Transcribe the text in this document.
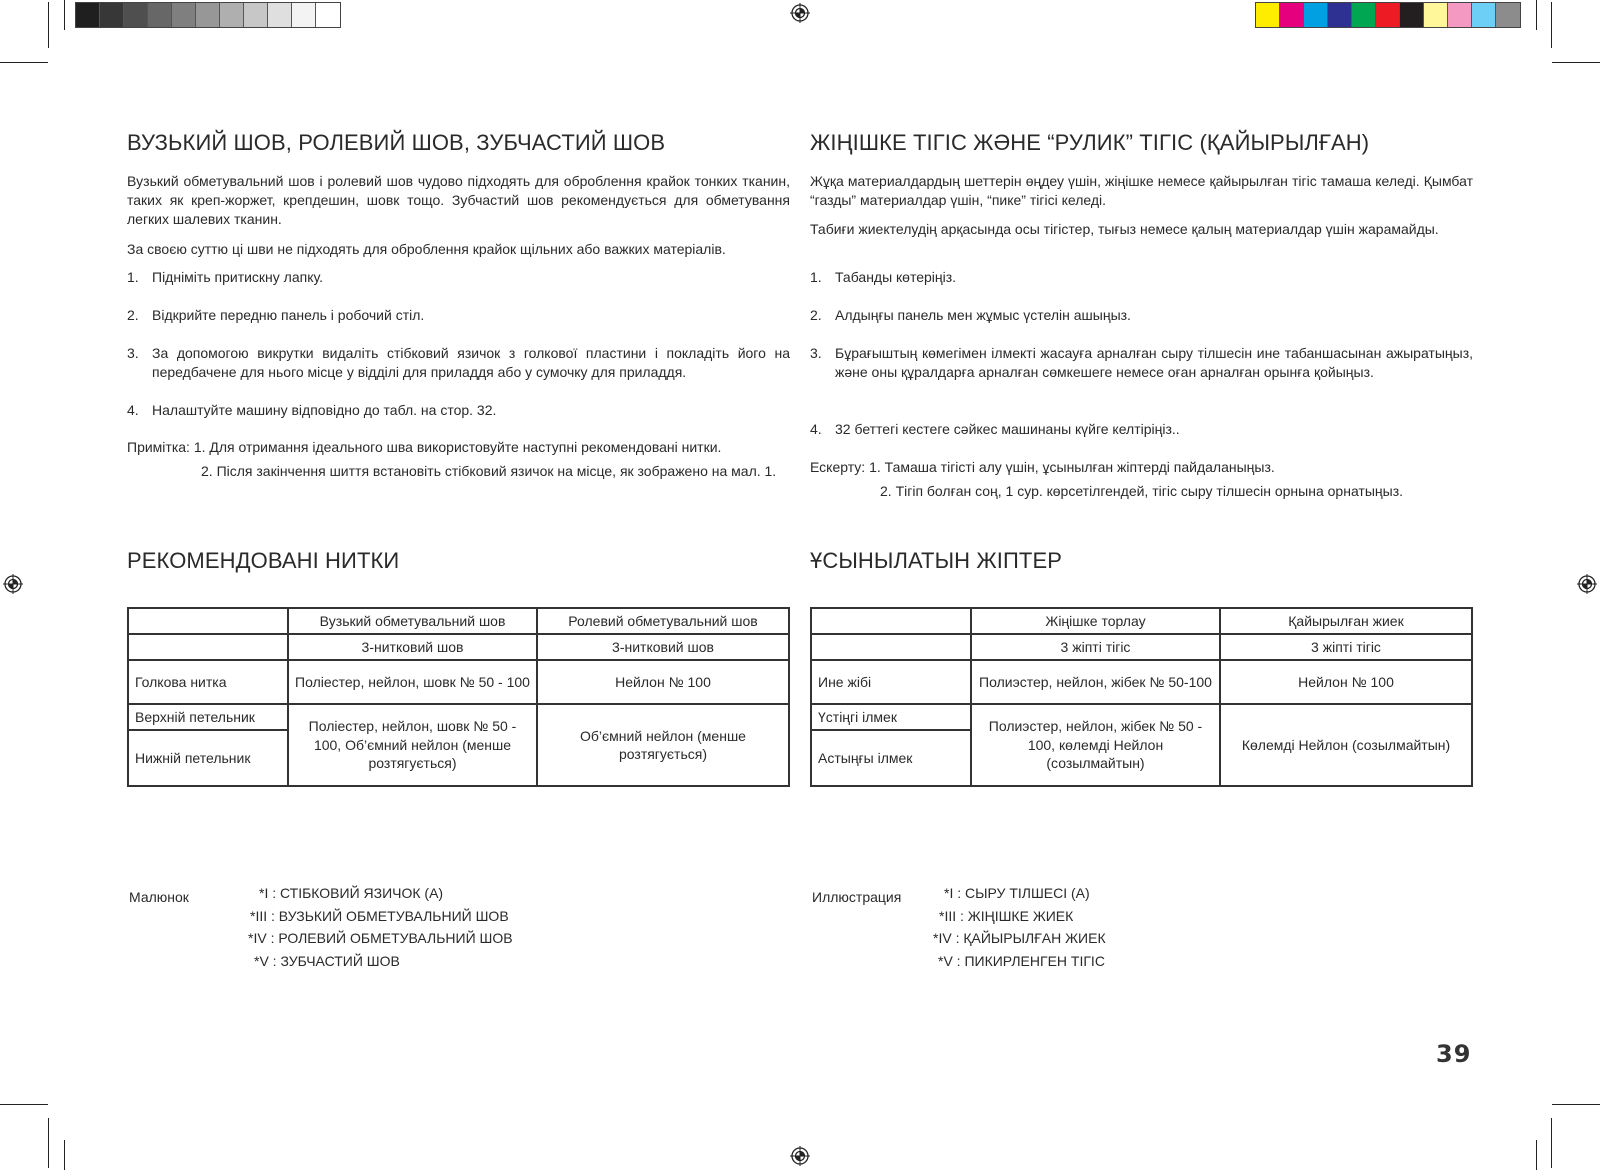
ВУЗЬКИЙ ШОВ, РОЛЕВИЙ ШОВ, ЗУБЧАСТИЙ ШОВ

Вузький обметувальний шов і ролевий шов чудово підходять для оброблення крайок тонких тканин, таких як креп-жоржет, крепдешин, шовк тощо. Зубчастий шов рекомендується для обметування легких шалевих тканин.

За своєю суттю ці шви не підходять для оброблення крайок щільних або важких матеріалів.

1. Підніміть притискну лапку.
2. Відкрийте передню панель і робочий стіл.
3. За допомогою викрутки видаліть стібковий язичок з голкової пластини і покладіть його на передбачене для нього місце у відділі для приладдя або у сумочку для приладдя.
4. Налаштуйте машину відповідно до табл. на стор. 32.
Примітка: 1. Для отримання ідеального шва використовуйте наступні рекомендовані нитки.
2. Після закінчення шиття встановіть стібковий язичок на місце, як зображено на мал. 1.
РЕКОМЕНДОВАНІ НИТКИ
	Вузький обметувальний шов	Ролевий обметувальний шов
	3-нитковий шов	3-нитковий шов
Голкова нитка	Поліестер, нейлон, шовк № 50 - 100	Нейлон № 100
Верхній петельник	Поліестер, нейлон, шовк № 50 - 100, Об’ємний нейлон (менше розтягується)	Об’ємний нейлон (менше розтягується)
Нижній петельник		
Малюнок	*I : СТІБКОВИЙ ЯЗИЧОК (A)
*III : ВУЗЬКИЙ ОБМЕТУВАЛЬНИЙ ШОВ
*IV : РОЛЕВИЙ ОБМЕТУВАЛЬНИЙ ШОВ
*V : ЗУБЧАСТИЙ ШОВ
ЖІҢІШКЕ ТІГІС ЖӘНЕ “РУЛИК” ТІГІС (ҚАЙЫРЫЛҒАН)

Жұқа материалдардың шеттерін өңдеу үшін, жіңішке немесе қайырылған тігіс тамаша келеді. Қымбат “газды” материалдар үшін, “пике” тігісі келеді.

Табиғи жиектелудің арқасында осы тігістер, тығыз немесе қалың материалдар үшін жарамайды.

1. Табанды көтеріңіз.
2. Алдыңғы панель мен жұмыс үстелін ашыңыз.
3. Бұрағыштың көмегімен ілмекті жасауға арналған сыру тілшесін ине табаншасынан ажыратыңыз, және оны құралдарға арналған сөмкешеге немесе оған арналған орынға қойыңыз.
4. 32 беттегі кестеге сәйкес машинаны күйге келтіріңіз..
Ескерту: 1. Тамаша тігісті алу үшін, ұсынылған жіптерді пайдаланыңыз.
2. Тігіп болған соң, 1 сур. көрсетілгендей, тігіс сыру тілшесін орнына орнатыңыз.
ҰСЫНЫЛАТЫН ЖІПТЕР
	Жіңішке торлау	Қайырылған жиек
	3 жіпті тігіс	3 жіпті тігіс
Ине жібі	Полиэстер, нейлон, жібек № 50-100	Нейлон № 100
Үстіңгі ілмек	Полиэстер, нейлон, жібек № 50 - 100, көлемді Нейлон (созылмайтын)	Көлемді Нейлон (созылмайтын)
Астыңғы ілмек		
Иллюстрация	*I : СЫРУ ТІЛШЕСІ (A)
*III : ЖІҢІШКЕ ЖИЕК
*IV : ҚАЙЫРЫЛҒАН ЖИЕК
*V : ПИКИРЛЕНГЕН ТІГІС
39
